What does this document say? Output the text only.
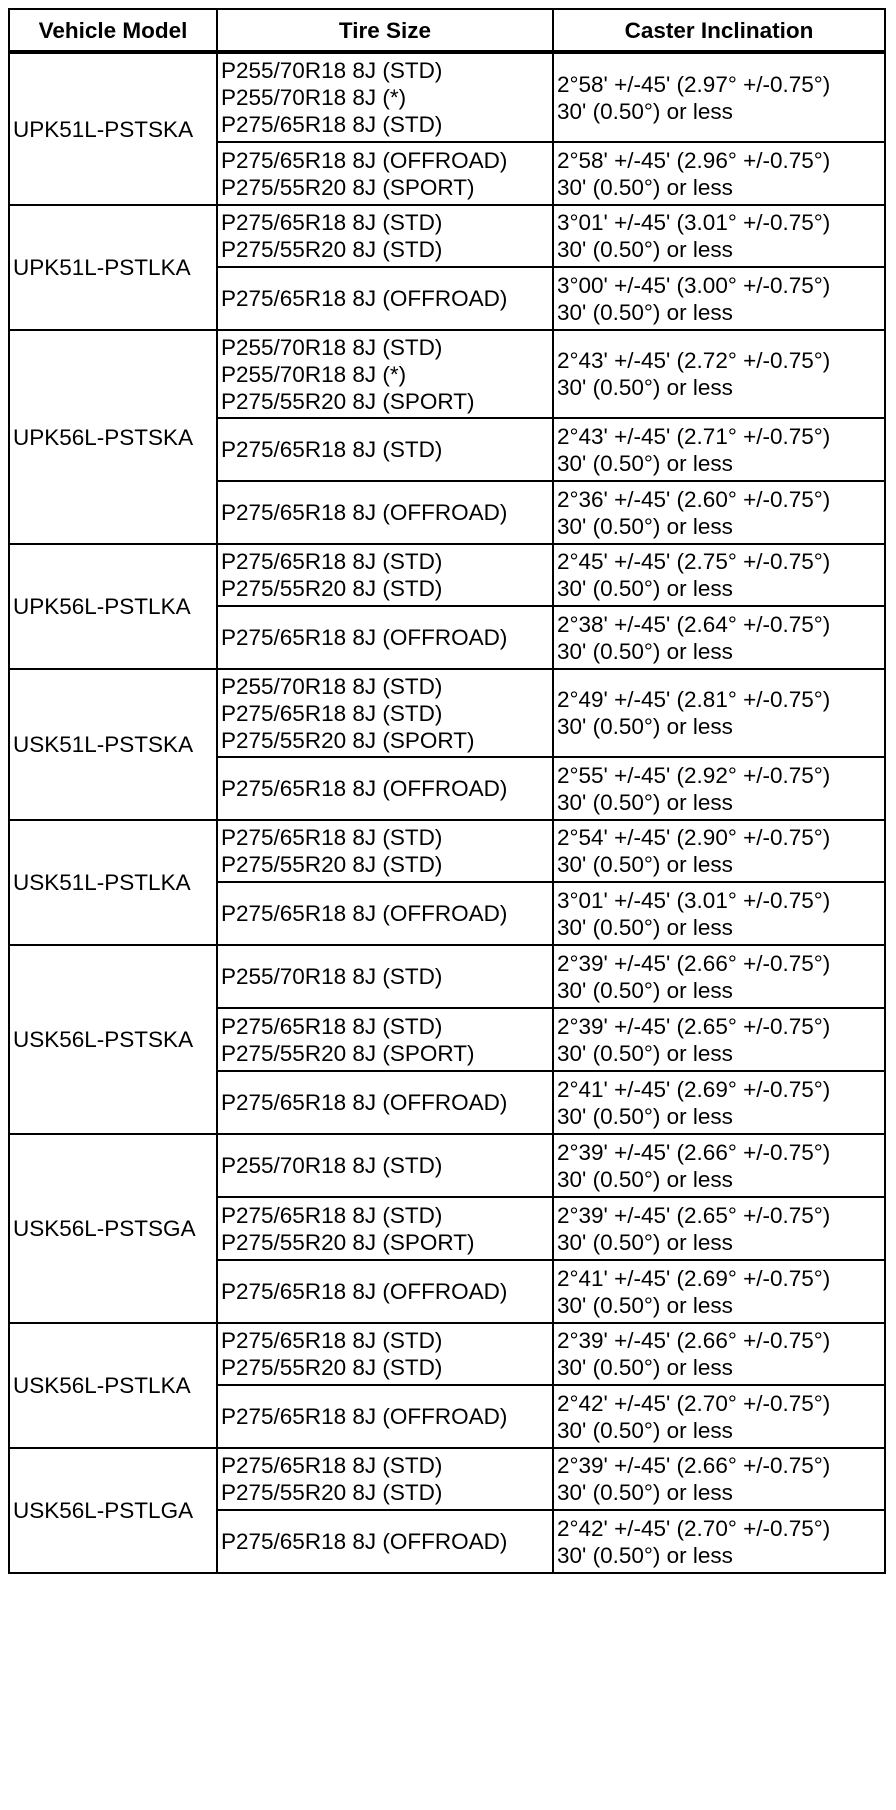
Vehicle Model	Tire Size	Caster Inclination
UPK51L-PSTSKA	P255/70R18 8J (STD)
P255/70R18 8J (*)
P275/65R18 8J (STD)	2°58' +/-45' (2.97° +/-0.75°)
30' (0.50°) or less

	P275/65R18 8J (OFFROAD)
P275/55R20 8J (SPORT)	2°58' +/-45' (2.96° +/-0.75°)
30' (0.50°) or less

UPK51L-PSTLKA	P275/65R18 8J (STD)
P275/55R20 8J (STD)	3°01' +/-45' (3.01° +/-0.75°)
30' (0.50°) or less

	P275/65R18 8J (OFFROAD)	3°00' +/-45' (3.00° +/-0.75°)
30' (0.50°) or less

UPK56L-PSTSKA	P255/70R18 8J (STD)
P255/70R18 8J (*)
P275/55R20 8J (SPORT)	2°43' +/-45' (2.72° +/-0.75°)
30' (0.50°) or less

	P275/65R18 8J (STD)	2°43' +/-45' (2.71° +/-0.75°)
30' (0.50°) or less

	P275/65R18 8J (OFFROAD)	2°36' +/-45' (2.60° +/-0.75°)
30' (0.50°) or less

UPK56L-PSTLKA	P275/65R18 8J (STD)
P275/55R20 8J (STD)	2°45' +/-45' (2.75° +/-0.75°)
30' (0.50°) or less

	P275/65R18 8J (OFFROAD)	2°38' +/-45' (2.64° +/-0.75°)
30' (0.50°) or less

USK51L-PSTSKA	P255/70R18 8J (STD)
P275/65R18 8J (STD)
P275/55R20 8J (SPORT)	2°49' +/-45' (2.81° +/-0.75°)
30' (0.50°) or less

	P275/65R18 8J (OFFROAD)	2°55' +/-45' (2.92° +/-0.75°)
30' (0.50°) or less

USK51L-PSTLKA	P275/65R18 8J (STD)
P275/55R20 8J (STD)	2°54' +/-45' (2.90° +/-0.75°)
30' (0.50°) or less

	P275/65R18 8J (OFFROAD)	3°01' +/-45' (3.01° +/-0.75°)
30' (0.50°) or less

USK56L-PSTSKA	P255/70R18 8J (STD)	2°39' +/-45' (2.66° +/-0.75°)
30' (0.50°) or less

	P275/65R18 8J (STD)
P275/55R20 8J (SPORT)	2°39' +/-45' (2.65° +/-0.75°)
30' (0.50°) or less

	P275/65R18 8J (OFFROAD)	2°41' +/-45' (2.69° +/-0.75°)
30' (0.50°) or less

USK56L-PSTSGA	P255/70R18 8J (STD)	2°39' +/-45' (2.66° +/-0.75°)
30' (0.50°) or less

	P275/65R18 8J (STD)
P275/55R20 8J (SPORT)	2°39' +/-45' (2.65° +/-0.75°)
30' (0.50°) or less

	P275/65R18 8J (OFFROAD)	2°41' +/-45' (2.69° +/-0.75°)
30' (0.50°) or less

USK56L-PSTLKA	P275/65R18 8J (STD)
P275/55R20 8J (STD)	2°39' +/-45' (2.66° +/-0.75°)
30' (0.50°) or less

	P275/65R18 8J (OFFROAD)	2°42' +/-45' (2.70° +/-0.75°)
30' (0.50°) or less

USK56L-PSTLGA	P275/65R18 8J (STD)
P275/55R20 8J (STD)	2°39' +/-45' (2.66° +/-0.75°)
30' (0.50°) or less

	P275/65R18 8J (OFFROAD)	2°42' +/-45' (2.70° +/-0.75°)
30' (0.50°) or less
